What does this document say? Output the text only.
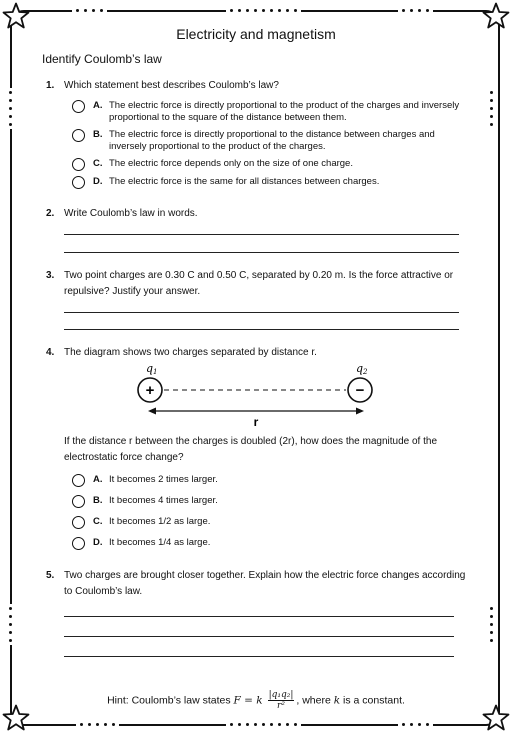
Electricity and magnetism
Identify Coulomb’s law
1. Which statement best describes Coulomb’s law?
A. The electric force is directly proportional to the product of the charges and inversely proportional to the square of the distance between them.
B. The electric force is directly proportional to the distance between charges and inversely proportional to the product of the charges.
C. The electric force depends only on the size of one charge.
D. The electric force is the same for all distances between charges.
2. Write Coulomb’s law in words.
3. Two point charges are 0.30 C and 0.50 C, separated by 0.20 m. Is the force attractive or repulsive? Justify your answer.
4. The diagram shows two charges separated by distance r.
q1	q2
+	−
r
If the distance r between the charges is doubled (2r), how does the magnitude of the electrostatic force change?
A. It becomes 2 times larger.
B. It becomes 4 times larger.
C. It becomes 1/2 as large.
D. It becomes 1/4 as large.
5. Two charges are brought closer together. Explain how the electric force changes according to Coulomb’s law.
Hint: Coulomb’s law states F = k $\frac{\text{|q₁q₂|}}{\text{r²}}$ , where k is a constant.
